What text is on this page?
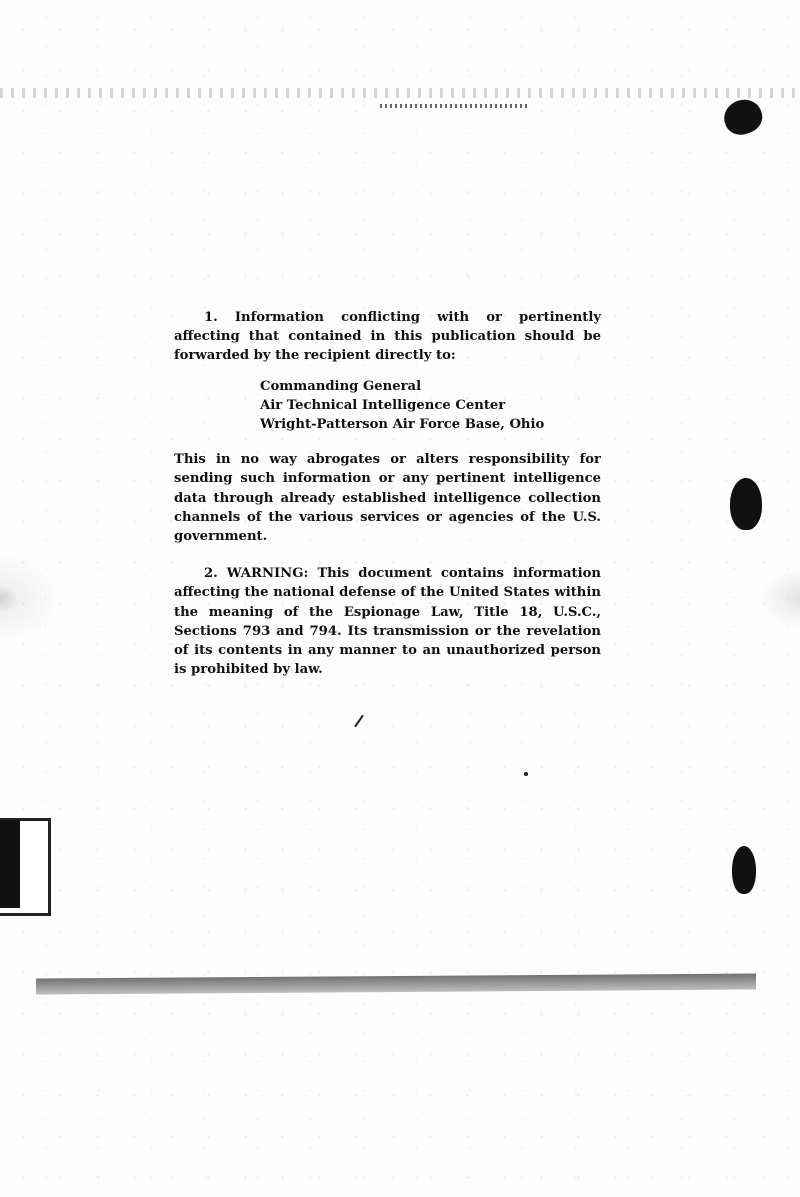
1. Information conflicting with or pertinently affecting that contained in this publication should be forwarded by the recipient directly to:

Commanding General
Air Technical Intelligence Center
Wright-Patterson Air Force Base, Ohio

This in no way abrogates or alters responsibility for sending such information or any pertinent intelligence data through already established intelligence collection channels of the various services or agencies of the U.S. government.

2. WARNING: This document contains information affecting the national defense of the United States within the meaning of the Espionage Law, Title 18, U.S.C., Sections 793 and 794. Its transmission or the revelation of its contents in any manner to an unauthorized person is prohibited by law.
